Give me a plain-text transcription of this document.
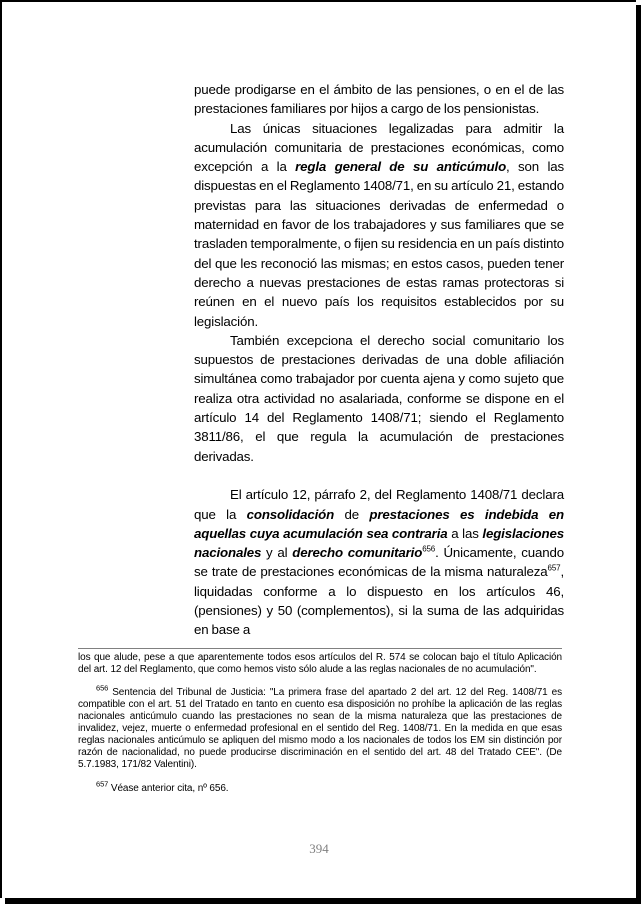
puede prodigarse en el ámbito de las pensiones, o en el de las prestaciones familiares por hijos a cargo de los pensionistas.

Las únicas situaciones legalizadas para admitir la acumulación comunitaria de prestaciones económicas, como excepción a la regla general de su anticúmulo, son las dispuestas en el Reglamento 1408/71, en su artículo 21, estando previstas para las situaciones derivadas de enfermedad o maternidad en favor de los trabajadores y sus familiares que se trasladen temporalmente, o fijen su residencia en un país distinto del que les reconoció las mismas; en estos casos, pueden tener derecho a nuevas prestaciones de estas ramas protectoras si reúnen en el nuevo país los requisitos establecidos por su legislación.

También excepciona el derecho social comunitario los supuestos de prestaciones derivadas de una doble afiliación simultánea como trabajador por cuenta ajena y como sujeto que realiza otra actividad no asalariada, conforme se dispone en el artículo 14 del Reglamento 1408/71; siendo el Reglamento 3811/86, el que regula la acumulación de prestaciones derivadas.

El artículo 12, párrafo 2, del Reglamento 1408/71 declara que la consolidación de prestaciones es indebida en aquellas cuya acumulación sea contraria a las legislaciones nacionales y al derecho comunitario$^{656}$. Únicamente, cuando se trate de prestaciones económicas de la misma naturaleza$^{657}$, liquidadas conforme a lo dispuesto en los artículos 46, (pensiones) y 50 (complementos), si la suma de las adquiridas en base a

los que alude, pese a que aparentemente todos esos artículos del R. 574 se colocan bajo el título Aplicación del art. 12 del Reglamento, que como hemos visto sólo alude a las reglas nacionales de no acumulación".

$^{656}$ Sentencia del Tribunal de Justicia: "La primera frase del apartado 2 del art. 12 del Reg. 1408/71 es compatible con el art. 51 del Tratado en tanto en cuento esa disposición no prohíbe la aplicación de las reglas nacionales anticúmulo cuando las prestaciones no sean de la misma naturaleza que las prestaciones de invalidez, vejez, muerte o enfermedad profesional en el sentido del Reg. 1408/71. En la medida en que esas reglas nacionales anticúmulo se apliquen del mismo modo a los nacionales de todos los EM sin distinción por razón de nacionalidad, no puede producirse discriminación en el sentido del art. 48 del Tratado CEE". (De 5.7.1983, 171/82 Valentini).

$^{657}$ Véase anterior cita, nº 656.

394
